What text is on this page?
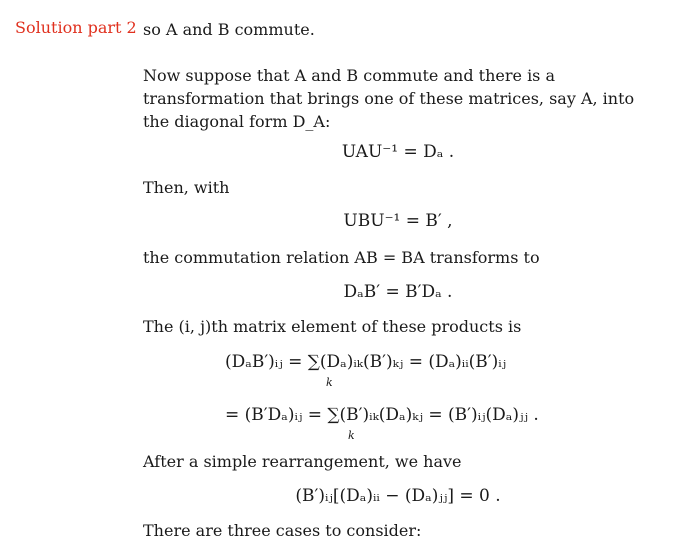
Solution part 2 so A and B commute.
Now suppose that A and B commute and there is a transformation that brings one of these matrices, say A, into the diagonal form D_A:
UAU⁻¹ = Dₐ .
Then, with
UBU⁻¹ = B′ ,
the commutation relation AB = BA transforms to
DₐB′ = B′Dₐ .
The (i, j)th matrix element of these products is
(DₐB′)ᵢⱼ = ∑(Dₐ)ᵢₖ(B′)ₖⱼ = (Dₐ)ᵢᵢ(B′)ᵢⱼ
k
= (B′Dₐ)ᵢⱼ = ∑(B′)ᵢₖ(Dₐ)ₖⱼ = (B′)ᵢⱼ(Dₐ)ⱼⱼ .
k
After a simple rearrangement, we have
(B′)ᵢⱼ[(Dₐ)ᵢᵢ − (Dₐ)ⱼⱼ] = 0 .
There are three cases to consider:
